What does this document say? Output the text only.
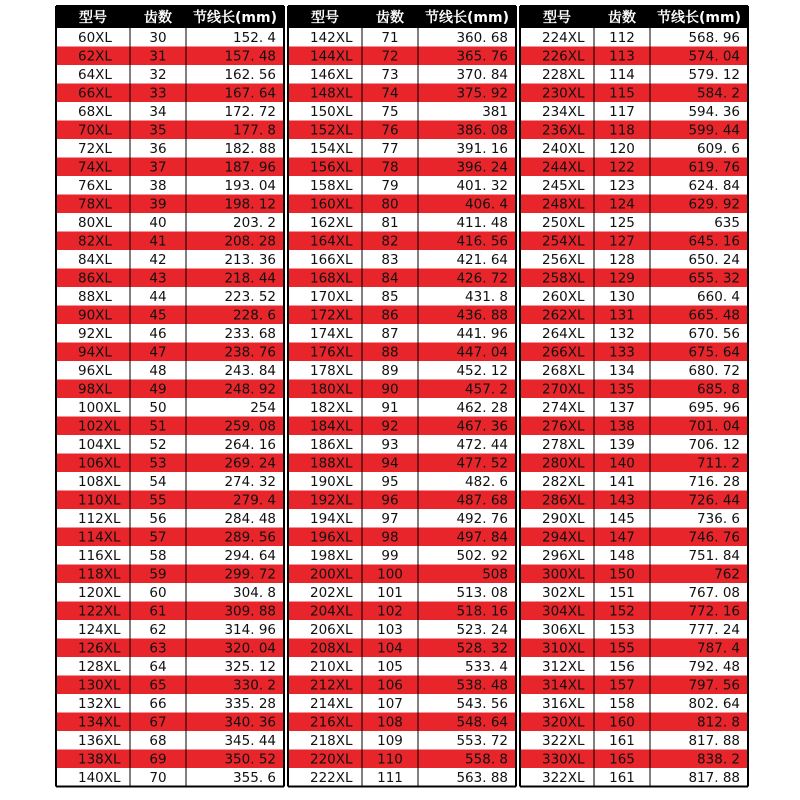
型号	齿数 节线长(mm)
60XL	30	152. 4
62XL	31	157. 48
64XL	32	162. 56
66XL	33	167. 64
68XL	34	172. 72
70XL	35	177. 8
72XL	36	182. 88
74XL	37	187. 96
76XL	38	193. 04
78XL	39	198. 12
80XL	40	203. 2
82XL	41	208. 28
84XL	42	213. 36
86XL	43	218. 44
88XL	44	223. 52
90XL	45	228. 6
92XL	46	233. 68
94XL	47	238. 76
96XL	48	243. 84
98XL	49	248. 92
100XL 50	254
102XL 51	259. 08
104XL 52	264. 16
106XL 53	269. 24
108XL 54	274. 32
110XL 55	279. 4
112XL 56	284. 48
114XL 57	289. 56
116XL 58	294. 64
118XL 59	299. 72
120XL 60	304. 8
122XL 61	309. 88
124XL 62	314. 96
126XL 63	320. 04
128XL 64	325. 12
130XL 65	330. 2
132XL 66	335. 28
134XL 67	340. 36
136XL 68	345. 44
138XL 69	350. 52
140XL 70	355. 6
型号	齿数 节线长(mm)
142XL 71	360. 68
144XL 72	365. 76
146XL 73	370. 84
148XL 74	375. 92
150XL 75	381
152XL 76	386. 08
154XL 77	391. 16
156XL 78	396. 24
158XL 79	401. 32
160XL 80	406. 4
162XL 81	411. 48
164XL 82	416. 56
166XL 83	421. 64
168XL 84	426. 72
170XL 85	431. 8
172XL 86	436. 88
174XL 87	441. 96
176XL 88	447. 04
178XL 89	452. 12
180XL 90	457. 2
182XL 91	462. 28
184XL 92	467. 36
186XL 93	472. 44
188XL 94	477. 52
190XL 95	482. 6
192XL 96	487. 68
194XL 97	492. 76
196XL 98	497. 84
198XL 99	502. 92
200XL 100	508
202XL 101	513. 08
204XL 102	518. 16
206XL 103	523. 24
208XL 104	528. 32
210XL 105	533. 4
212XL 106	538. 48
214XL 107	543. 56
216XL 108	548. 64
218XL 109	553. 72
220XL 110	558. 8
222XL 111	563. 88
型号	齿数 节线长(mm)
224XL 112	568. 96
226XL 113	574. 04
228XL 114	579. 12
230XL 115	584. 2
234XL 117	594. 36
236XL 118	599. 44
240XL 120	609. 6
244XL 122	619. 76
245XL 123	624. 84
248XL 124	629. 92
250XL 125	635
254XL 127	645. 16
256XL 128	650. 24
258XL 129	655. 32
260XL 130	660. 4
262XL 131	665. 48
264XL 132	670. 56
266XL 133	675. 64
268XL 134	680. 72
270XL 135	685. 8
274XL 137	695. 96
276XL 138	701. 04
278XL 139	706. 12
280XL 140	711. 2
282XL 141	716. 28
286XL 143	726. 44
290XL 145	736. 6
294XL 147	746. 76
296XL 148	751. 84
300XL 150	762
302XL 151	767. 08
304XL 152	772. 16
306XL 153	777. 24
310XL 155	787. 4
312XL 156	792. 48
314XL 157	797. 56
316XL 158	802. 64
320XL 160	812. 8
322XL 161	817. 88
330XL 165	838. 2
322XL 161	817. 88
